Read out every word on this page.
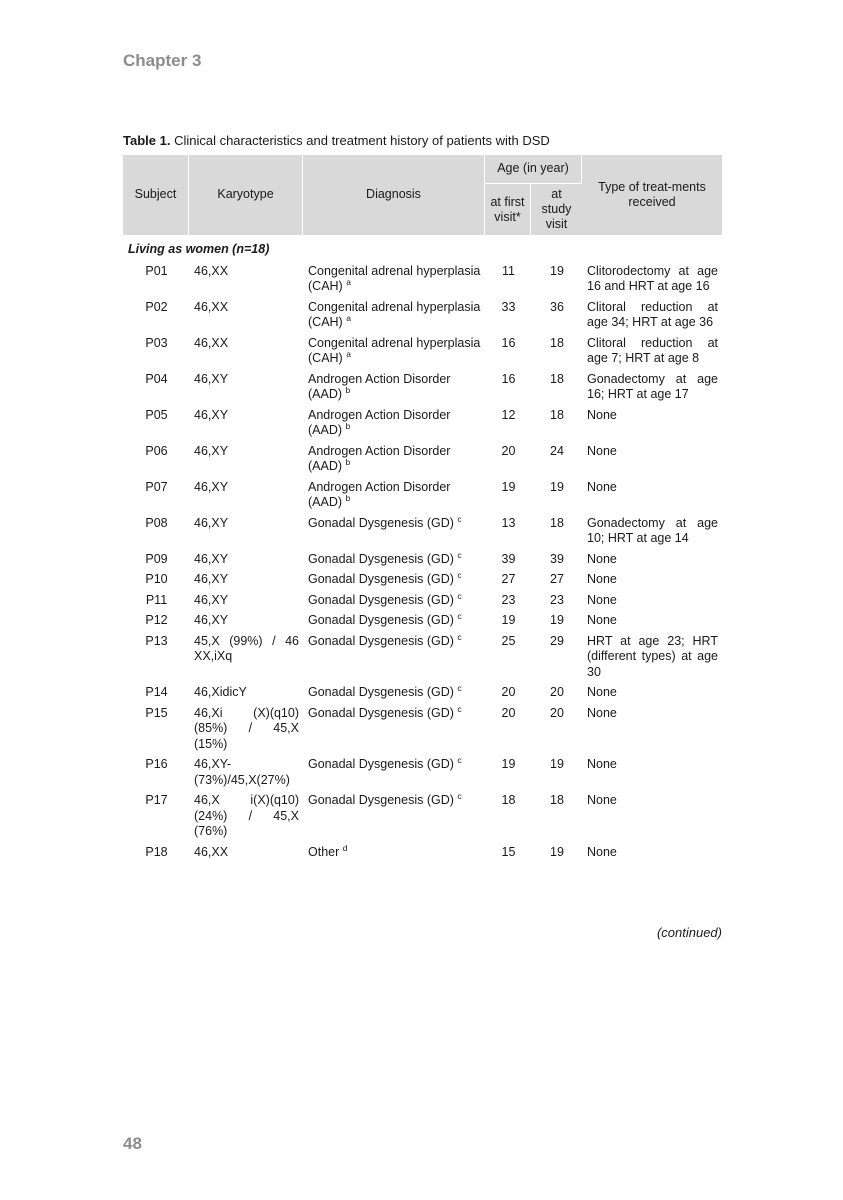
Chapter 3
Table 1. Clinical characteristics and treatment history of patients with DSD
Subject	Karyotype	Diagnosis	Age (in year)		Type of treat-ments received
			at first visit*	at study visit	
Living as women (n=18)					
P01	46,XX	Congenital adrenal hyperplasia (CAH) $^a$	11	19	Clitorodectomy at age 16 and HRT at age 16
P02	46,XX	Congenital adrenal hyperplasia (CAH) $^a$	33	36	Clitoral reduction at age 34; HRT at age 36
P03	46,XX	Congenital adrenal hyperplasia (CAH) $^a$	16	18	Clitoral reduction at age 7; HRT at age 8
P04	46,XY	Androgen Action Disorder (AAD) $^b$	16	18	Gonadectomy at age 16; HRT at age 17
P05	46,XY	Androgen Action Disorder (AAD) $^b$	12	18	None
P06	46,XY	Androgen Action Disorder (AAD) $^b$	20	24	None
P07	46,XY	Androgen Action Disorder (AAD) $^b$	19	19	None
P08	46,XY	Gonadal Dysgenesis (GD) $^c$	13	18	Gonadectomy at age 10; HRT at age 14
P09	46,XY	Gonadal Dysgenesis (GD) $^c$	39	39	None
P10	46,XY	Gonadal Dysgenesis (GD) $^c$	27	27	None
P11	46,XY	Gonadal Dysgenesis (GD) $^c$	23	23	None
P12	46,XY	Gonadal Dysgenesis (GD) $^c$	19	19	None
P13	45,X (99%) / 46 XX,iXq	Gonadal Dysgenesis (GD) $^c$	25	29	HRT at age 23; HRT (different types) at age 30
P14	46,XidicY	Gonadal Dysgenesis (GD) $^c$	20	20	None
P15	46,Xi (X)(q10) (85%) / 45,X (15%)	Gonadal Dysgenesis (GD) $^c$	20	20	None
P16	46,XY-(73%)/45,X(27%)	Gonadal Dysgenesis (GD) $^c$	19	19	None
P17	46,X i(X)(q10) (24%) / 45,X (76%)	Gonadal Dysgenesis (GD) $^c$	18	18	None
P18	46,XX	Other $^d$	15	19	None
(continued)
48
